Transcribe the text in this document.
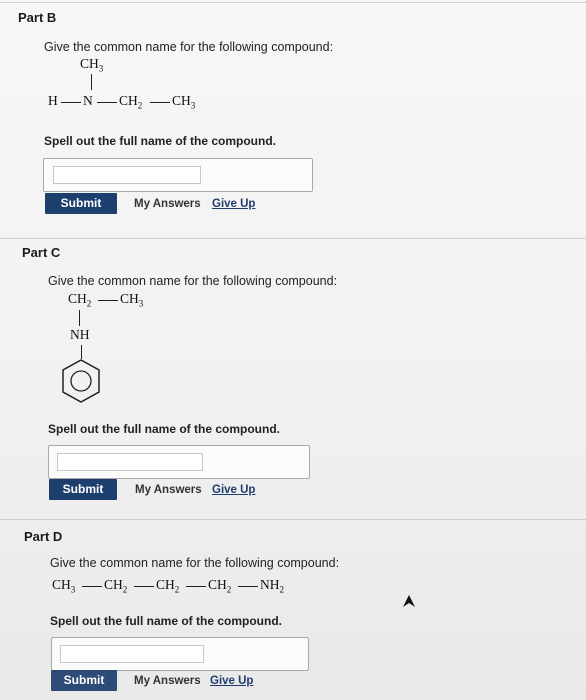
Part B
Give the common name for the following compound:
$CH_3$
H N $CH_2$ $CH_3$
Spell out the full name of the compound.
Submit	My Answers Give Up
Part C
Give the common name for the following compound:
$CH_2$ $CH_3$
NH
Spell out the full name of the compound.
Submit	My Answers Give Up
Part D
Give the common name for the following compound:
$CH_3$ $CH_2$ $CH_2$ $CH_2$ $NH_2$
Spell out the full name of the compound.
Submit	My Answers Give Up
